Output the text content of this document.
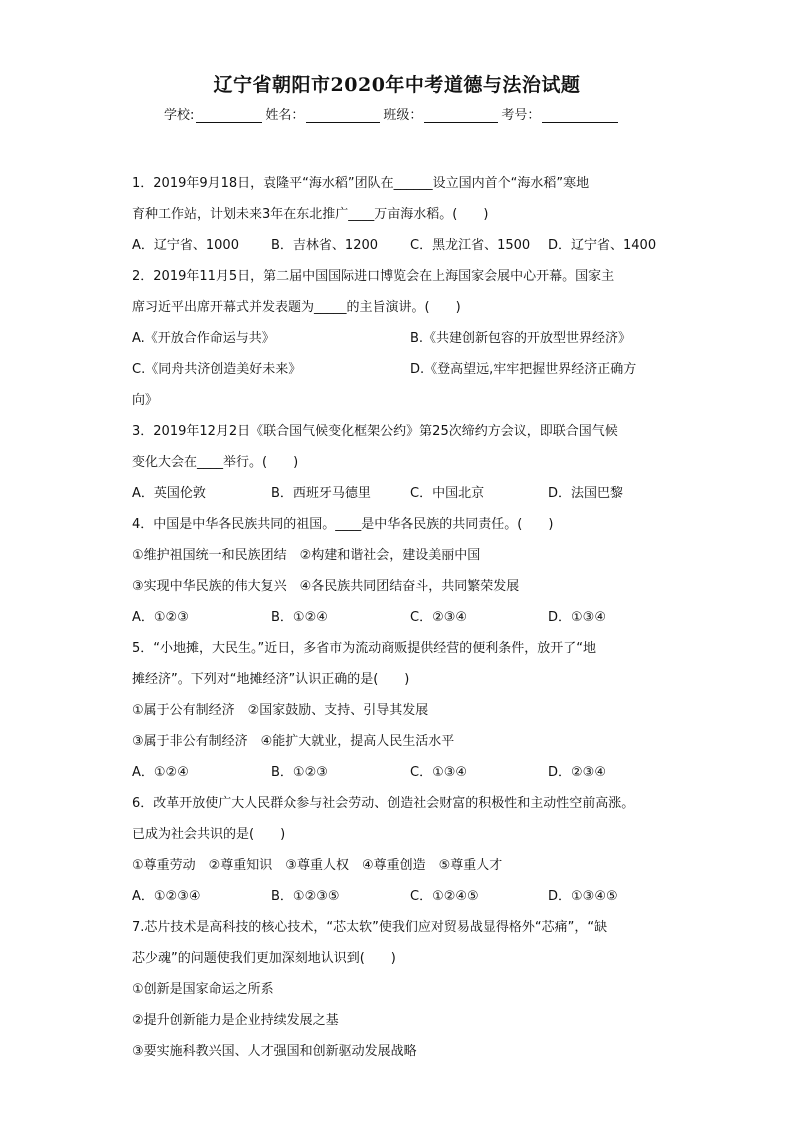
辽宁省朝阳市2020年中考道德与法治试题
学校:	姓名：	班级：	考号：
1．2019年9月18日，袁隆平“海水稻”团队在______设立国内首个“海水稻”寒地
育种工作站，计划未来3年在东北推广____万亩海水稻。(　　)
A．辽宁省、1000	B．吉林省、1200	C．黑龙江省、1500	D．辽宁省、1400
2．2019年11月5日，第二届中国国际进口博览会在上海国家会展中心开幕。国家主
席习近平出席开幕式并发表题为_____的主旨演讲。(　　)
A.《开放合作命运与共》	B.《共建创新包容的开放型世界经济》
C.《同舟共济创造美好未来》	D.《登高望远,牢牢把握世界经济正确方
向》
3．2019年12月2日《联合国气候变化框架公约》第25次缔约方会议，即联合国气候
变化大会在____举行。(　　)
A．英国伦敦	B．西班牙马德里	C．中国北京	D．法国巴黎
4．中国是中华各民族共同的祖国。____是中华各民族的共同责任。(　　)
①维护祖国统一和民族团结　②构建和谐社会，建设美丽中国
③实现中华民族的伟大复兴　④各民族共同团结奋斗，共同繁荣发展
A．①②③	B．①②④	C．②③④	D．①③④
5．“小地摊，大民生。”近日，多省市为流动商贩提供经营的便利条件，放开了“地
摊经济”。下列对“地摊经济”认识正确的是(　　)
①属于公有制经济　②国家鼓励、支持、引导其发展
③属于非公有制经济　④能扩大就业，提高人民生活水平
A．①②④	B．①②③	C．①③④	D．②③④
6．改革开放使广大人民群众参与社会劳动、创造社会财富的积极性和主动性空前高涨。
已成为社会共识的是(　　)
①尊重劳动　②尊重知识　③尊重人权　④尊重创造　⑤尊重人才
A．①②③④	B．①②③⑤	C．①②④⑤	D．①③④⑤
7.芯片技术是高科技的核心技术，“芯太软”使我们应对贸易战显得格外“芯痛”，“缺
芯少魂”的问题使我们更加深刻地认识到(　　)
①创新是国家命运之所系
②提升创新能力是企业持续发展之基
③要实施科教兴国、人才强国和创新驱动发展战略
